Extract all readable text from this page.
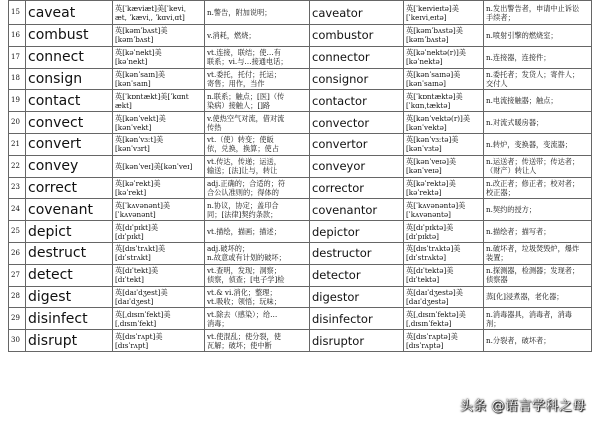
15	caveat	英[ˈkæviæt]美[ˈkeviˌ
æt, ˈkæviˌ, ˈkɑviˌɑt]	n.警告，附加说明；	caveator	英[ˈkeɪvieɪtə]美
[ˈkeɪviˌeɪtə]	n.发出警告者，申请中止诉讼
手续者；

16	combust	英[kəmˈbʌst]美
[kəmˈbʌst]	v.消耗，燃烧；	combustor	英[kəmˈbʌstə]美
[kəmˈbʌstə]	n.喷射引擎的燃烧室；

17	connect	英[kəˈnekt]美
[kəˈnekt]	vt.连接，联结；使…有
联系；vi.与…接通电话；	connector	英[kəˈnektə(r)]美
[kəˈnektə]	n.连接器，连接件；

18	consign	英[kənˈsaɪn]美
[kənˈsaɪn]	vt.委托，托付；托运；
寄售；用作，当作	consignor	英[kənˈsaɪnə]美
[kənˈsaɪnə]	n.委托者；发货人；寄件人；
交付人

19	contact	英[ˈkɒntækt]美[ˈkɑnt
ækt]	n.联系；触点；[医]（传
染病）接触人；[]路	contactor	英[ˈkɒntæktə]美
[ˈkɑnˌtæktə]	n.电流接触器；触点；

20	convect	英[kənˈvekt]美
[kənˈvekt]	v.使热空气对流，借对流
传热	convector	英[kənˈvektə(r)]美
[kənˈvektə]	n.对流式暖房器；

21	convert	英[kənˈvɜ:t]美
[kənˈvɜrt]	vt.（使）转变；使皈
依，兑换，换算；使占	convertor	英[kənˈvɜ:tə]美
[kənˈvɜtə]	n.转炉，变换器，变流器；

22	convey	英[kənˈveɪ]美[kənˈveɪ]	vt.传达，传递；运送，
输送；[法]让与，转让	conveyor	英[kənˈveɪə]美
[kənˈveɪə]	n.运送者；传送带；传达者；
（财产）转让人

23	correct	英[kəˈrekt]美
[kəˈrekt]	adj.正确的；合适的；符
合公认准则的；得体的	corrector	英[kəˈrektə]美
[kəˈrektə]	n.改正者；修正者；校对者；
校正器；

24	covenant	英[ˈkʌvənənt]美
[ˈkʌvənənt]	n.协议，协定；盖印合
同；[法律]契约条款；	covenantor	英[ˈkʌvənəntə]美
[ˈkʌvənəntə]	n.契约的授方；

25	depict	英[dɪˈpɪkt]美
[dɪˈpɪkt]	vt.描绘，描画；描述；	depictor	英[dɪˈpɪktə]美
[dɪˈpɪktə]	n.描绘者；描写者；

26	destruct	英[dɪsˈtrʌkt]美
[dɪˈstrʌkt]	adj.破坏的；
n.故意或有计划的破坏；	destructor	英[dɪsˈtrʌktə]美
[dɪˈstrʌktə]	n.破坏者，垃圾焚毁炉，爆炸
装置；

27	detect	英[dɪˈtekt]美
[dɪˈtekt]	vt.查明，发现；洞察；
侦察，侦查；[电子学]检	detector	英[dɪˈtektə]美
[dɪˈtektə]	n.探测器，检测器；发现者；
侦察器

28	digest	英[daɪˈdʒest]美
[daɪˈdʒest]	vt.& vi.消化；整理；
vt.吸收；领悟；玩味；	digestor	英[daɪˈdʒestə]美
[daɪˈdʒestə]	蒸[化]浸煮器，老化器；

29	disinfect	英[ˌdɪsɪnˈfekt]美
[ˌdɪsɪnˈfekt]	vt.除去（感染）；给…
消毒；	disinfector	英[ˌdɪsɪnˈfektə]美
[ˌdɪsɪnˈfektə]	n.消毒器具，消毒者，消毒
剂；

30	disrupt	英[dɪsˈrʌpt]美
[dɪsˈrʌpt]	vt.使混乱；使分裂，使
瓦解；破坏；使中断	disruptor	英[dɪsˈrʌptə]美
[dɪsˈrʌptə]	n.分裂者，破坏者；
头条 @语言学科之母
